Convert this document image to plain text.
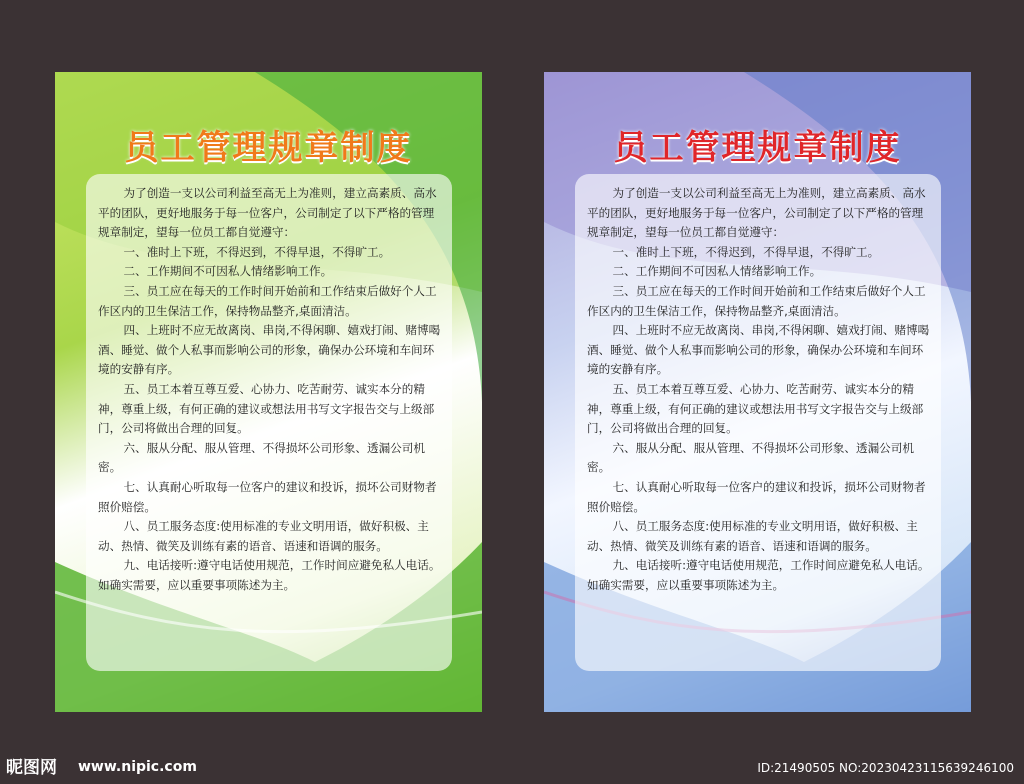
员工管理规章制度

为了创造一支以公司利益至高无上为准则，建立高素质、高水平的团队，更好地服务于每一位客户，公司制定了以下严格的管理规章制定，望每一位员工都自觉遵守：

一、准时上下班，不得迟到，不得早退，不得旷工。

二、工作期间不可因私人情绪影响工作。

三、员工应在每天的工作时间开始前和工作结束后做好个人工作区内的卫生保洁工作，保持物品整齐,桌面清洁。

四、上班时不应无故离岗、串岗,不得闲聊、嬉戏打闹、赌博喝酒、睡觉、做个人私事而影响公司的形象，确保办公环境和车间环境的安静有序。

五、员工本着互尊互爱、心协力、吃苦耐劳、诚实本分的精神，尊重上级，有何正确的建议或想法用书写文字报告交与上级部门，公司将做出合理的回复。

六、服从分配、服从管理、不得损坏公司形象、透漏公司机密。

七、认真耐心听取每一位客户的建议和投诉，损坏公司财物者照价赔偿。

八、员工服务态度:使用标准的专业文明用语，做好积极、主动、热情、微笑及训练有素的语音、语速和语调的服务。

九、电话接听:遵守电话使用规范，工作时间应避免私人电话。如确实需要，应以重要事项陈述为主。

员工管理规章制度

为了创造一支以公司利益至高无上为准则，建立高素质、高水平的团队，更好地服务于每一位客户，公司制定了以下严格的管理规章制定，望每一位员工都自觉遵守：

一、准时上下班，不得迟到，不得早退，不得旷工。

二、工作期间不可因私人情绪影响工作。

三、员工应在每天的工作时间开始前和工作结束后做好个人工作区内的卫生保洁工作，保持物品整齐,桌面清洁。

四、上班时不应无故离岗、串岗,不得闲聊、嬉戏打闹、赌博喝酒、睡觉、做个人私事而影响公司的形象，确保办公环境和车间环境的安静有序。

五、员工本着互尊互爱、心协力、吃苦耐劳、诚实本分的精神，尊重上级，有何正确的建议或想法用书写文字报告交与上级部门，公司将做出合理的回复。

六、服从分配、服从管理、不得损坏公司形象、透漏公司机密。

七、认真耐心听取每一位客户的建议和投诉，损坏公司财物者照价赔偿。

八、员工服务态度:使用标准的专业文明用语，做好积极、主动、热情、微笑及训练有素的语音、语速和语调的服务。

九、电话接听:遵守电话使用规范，工作时间应避免私人电话。如确实需要，应以重要事项陈述为主。

昵图网 www.nipic.com	ID:21490505 NO:20230423115639246100
